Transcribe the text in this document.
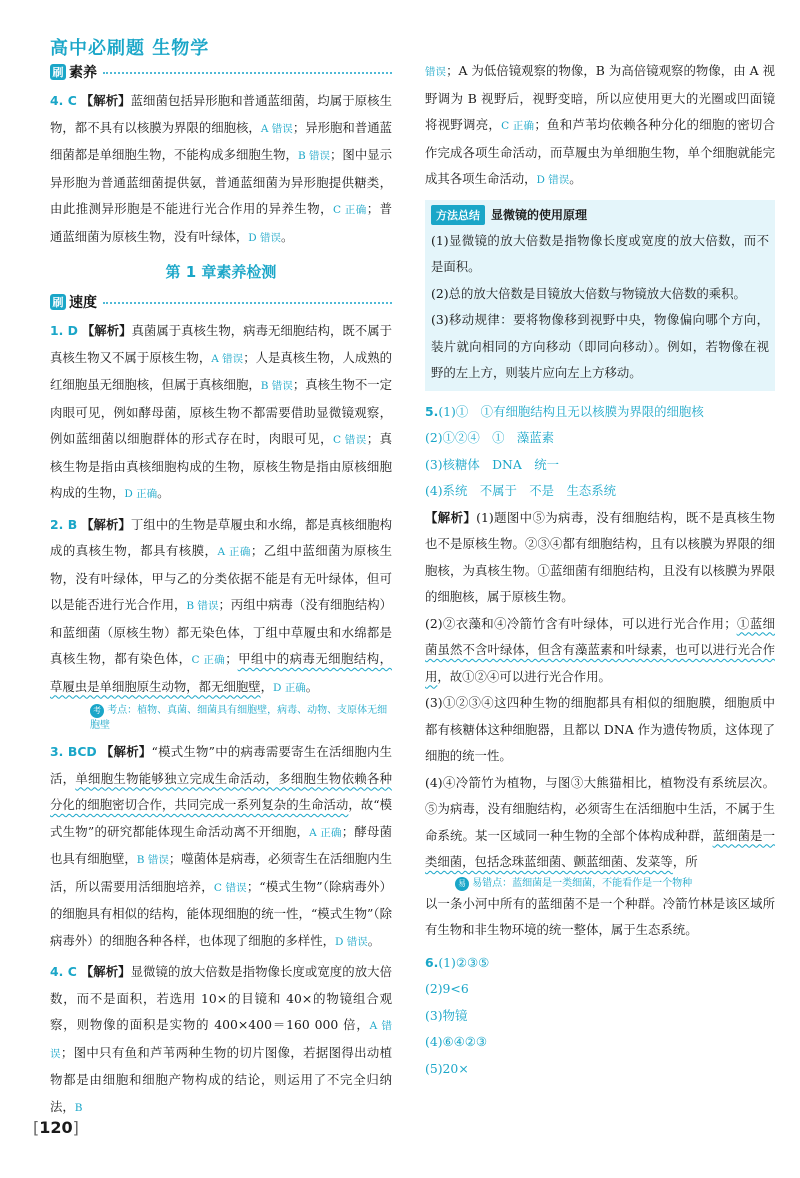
高中必刷题 生物学
刷 素养
4. C 【解析】蓝细菌包括异形胞和普通蓝细菌，均属于原核生物，都不具有以核膜为界限的细胞核，A 错误；异形胞和普通蓝细菌都是单细胞生物，不能构成多细胞生物，B 错误；图中显示异形胞为普通蓝细菌提供氨，普通蓝细菌为异形胞提供糖类，由此推测异形胞是不能进行光合作用的异养生物，C 正确；普通蓝细菌为原核生物，没有叶绿体，D 错误。
第 1 章素养检测
刷 速度
1. D 【解析】真菌属于真核生物，病毒无细胞结构，既不属于真核生物又不属于原核生物，A 错误；人是真核生物，人成熟的红细胞虽无细胞核，但属于真核细胞，B 错误；真核生物不一定肉眼可见，例如酵母菌，原核生物不都需要借助显微镜观察，例如蓝细菌以细胞群体的形式存在时，肉眼可见，C 错误；真核生物是指由真核细胞构成的生物，原核生物是指由原核细胞构成的生物，D 正确。
2. B 【解析】丁组中的生物是草履虫和水绵，都是真核细胞构成的真核生物，都具有核膜，A 正确；乙组中蓝细菌为原核生物，没有叶绿体，甲与乙的分类依据不能是有无叶绿体，但可以是能否进行光合作用，B 错误；丙组中病毒（没有细胞结构）和蓝细菌（原核生物）都无染色体，丁组中草履虫和水绵都是真核生物，都有染色体，C 正确；甲组中的病毒无细胞结构，草履虫是单细胞原生动物，都无细胞壁，D 正确。
考 考点：植物、真菌、细菌具有细胞壁，病毒、动物、支原体无细胞壁
3. BCD 【解析】“模式生物”中的病毒需要寄生在活细胞内生活，单细胞生物能够独立完成生命活动，多细胞生物依赖各种分化的细胞密切合作，共同完成一系列复杂的生命活动，故“模式生物”的研究都能体现生命活动离不开细胞，A 正确；酵母菌也具有细胞壁，B 错误；噬菌体是病毒，必须寄生在活细胞内生活，所以需要用活细胞培养，C 错误；“模式生物”（除病毒外）的细胞具有相似的结构，能体现细胞的统一性，“模式生物”（除病毒外）的细胞各种各样，也体现了细胞的多样性，D 错误。
4. C 【解析】显微镜的放大倍数是指物像长度或宽度的放大倍数，而不是面积，若选用 10×的目镜和 40×的物镜组合观察，则物像的面积是实物的 400×400＝160 000 倍，A 错误；图中只有鱼和芦苇两种生物的切片图像，若据图得出动植物都是由细胞和细胞产物构成的结论，则运用了不完全归纳法，B
错误；A 为低倍镜观察的物像，B 为高倍镜观察的物像，由 A 视野调为 B 视野后，视野变暗，所以应使用更大的光圈或凹面镜将视野调亮，C 正确；鱼和芦苇均依赖各种分化的细胞的密切合作完成各项生命活动，而草履虫为单细胞生物，单个细胞就能完成其各项生命活动，D 错误。
方法总结 显微镜的使用原理
(1)显微镜的放大倍数是指物像长度或宽度的放大倍数，而不是面积。
(2)总的放大倍数是目镜放大倍数与物镜放大倍数的乘积。
(3)移动规律：要将物像移到视野中央，物像偏向哪个方向，装片就向相同的方向移动（即同向移动）。例如，若物像在视野的左上方，则装片应向左上方移动。
5.(1)①　①有细胞结构且无以核膜为界限的细胞核
(2)①②④　①　藻蓝素
(3)核糖体　DNA　统一
(4)系统　不属于　不是　生态系统
【解析】(1)题图中⑤为病毒，没有细胞结构，既不是真核生物也不是原核生物。②③④都有细胞结构，且有以核膜为界限的细胞核，为真核生物。①蓝细菌有细胞结构，且没有以核膜为界限的细胞核，属于原核生物。
(2)②衣藻和④冷箭竹含有叶绿体，可以进行光合作用；①蓝细菌虽然不含叶绿体，但含有藻蓝素和叶绿素，也可以进行光合作用，故①②④可以进行光合作用。
(3)①②③④这四种生物的细胞都具有相似的细胞膜，细胞质中都有核糖体这种细胞器，且都以 DNA 作为遗传物质，这体现了细胞的统一性。
(4)④冷箭竹为植物，与图③大熊猫相比，植物没有系统层次。⑤为病毒，没有细胞结构，必须寄生在活细胞中生活，不属于生命系统。某一区域同一种生物的全部个体构成种群，蓝细菌是一类细菌，包括念珠蓝细菌、颤蓝细菌、发菜等，所
易 易错点：蓝细菌是一类细菌，不能看作是一个物种
以一条小河中所有的蓝细菌不是一个种群。冷箭竹林是该区域所有生物和非生物环境的统一整体，属于生态系统。
6.(1)②③⑤
(2)9<6
(3)物镜
(4)⑥④②③
(5)20×
[120]
